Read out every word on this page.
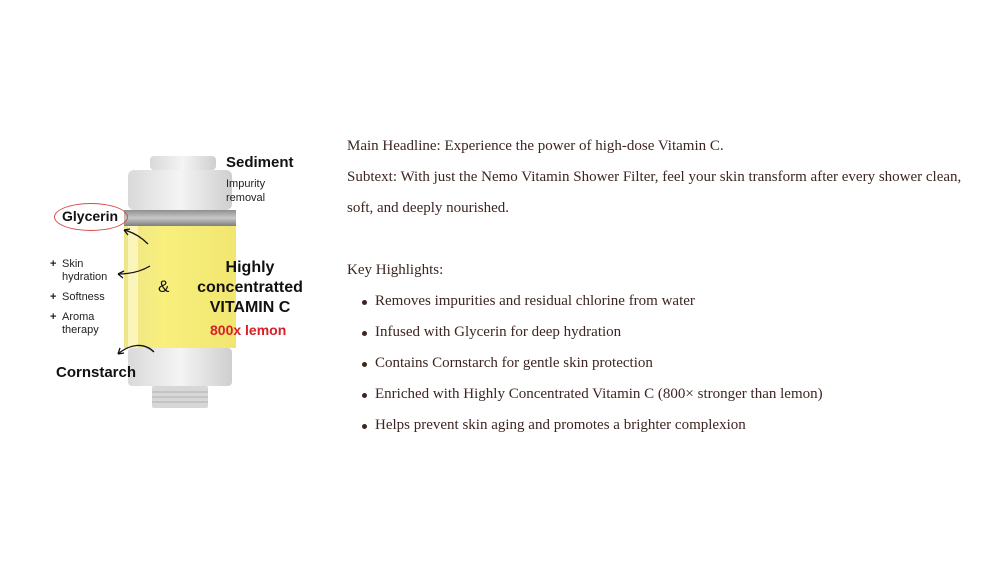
Sediment
Impurity removal
Glycerin
+ Skin hydration
+ Softness
+ Aroma therapy
&
Highly concentratted VITAMIN C
800x lemon
Cornstarch

Main Headline: Experience the power of high-dose Vitamin C.

Subtext: With just the Nemo Vitamin Shower Filter, feel your skin transform after every shower clean, soft, and deeply nourished.

Key Highlights:

Removes impurities and residual chlorine from water
Infused with Glycerin for deep hydration
Contains Cornstarch for gentle skin protection
Enriched with Highly Concentrated Vitamin C (800× stronger than lemon)
Helps prevent skin aging and promotes a brighter complexion
